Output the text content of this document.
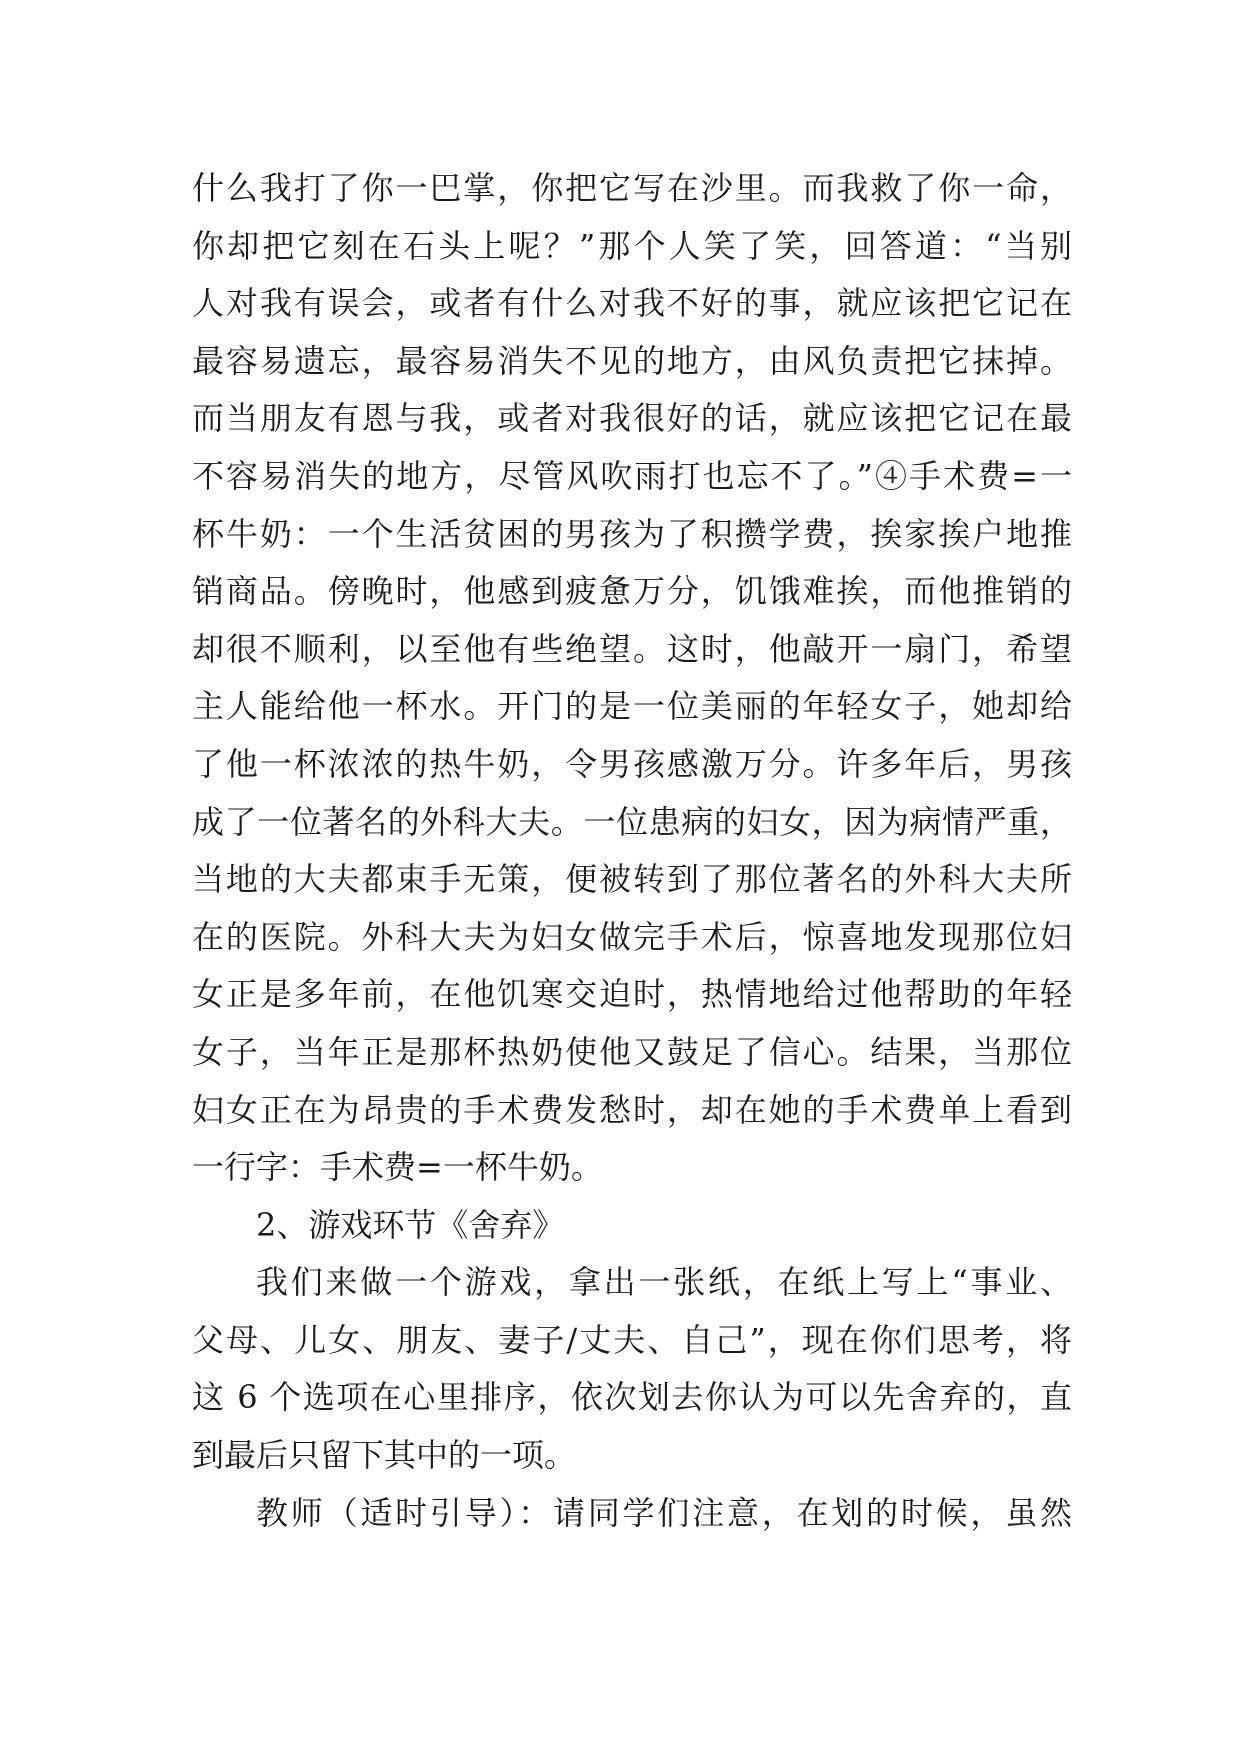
什么我打了你一巴掌，你把它写在沙里。而我救了你一命，
你却把它刻在石头上呢？”那个人笑了笑，回答道：“当别
人对我有误会，或者有什么对我不好的事，就应该把它记在
最容易遗忘，最容易消失不见的地方，由风负责把它抹掉。
而当朋友有恩与我，或者对我很好的话，就应该把它记在最
不容易消失的地方，尽管风吹雨打也忘不了。”④手术费=一
杯牛奶：一个生活贫困的男孩为了积攒学费，挨家挨户地推
销商品。傍晚时，他感到疲惫万分，饥饿难挨，而他推销的
却很不顺利，以至他有些绝望。这时，他敲开一扇门，希望
主人能给他一杯水。开门的是一位美丽的年轻女子，她却给
了他一杯浓浓的热牛奶，令男孩感激万分。许多年后，男孩
成了一位著名的外科大夫。一位患病的妇女，因为病情严重，
当地的大夫都束手无策，便被转到了那位著名的外科大夫所
在的医院。外科大夫为妇女做完手术后，惊喜地发现那位妇
女正是多年前，在他饥寒交迫时，热情地给过他帮助的年轻
女子，当年正是那杯热奶使他又鼓足了信心。结果，当那位
妇女正在为昂贵的手术费发愁时，却在她的手术费单上看到
一行字：手术费=一杯牛奶。
2、游戏环节《舍弃》
我们来做一个游戏，拿出一张纸，在纸上写上“事业、
父母、儿女、朋友、妻子/丈夫、自己”，现在你们思考，将
这 6 个选项在心里排序，依次划去你认为可以先舍弃的，直
到最后只留下其中的一项。
教师（适时引导）：请同学们注意，在划的时候，虽然
